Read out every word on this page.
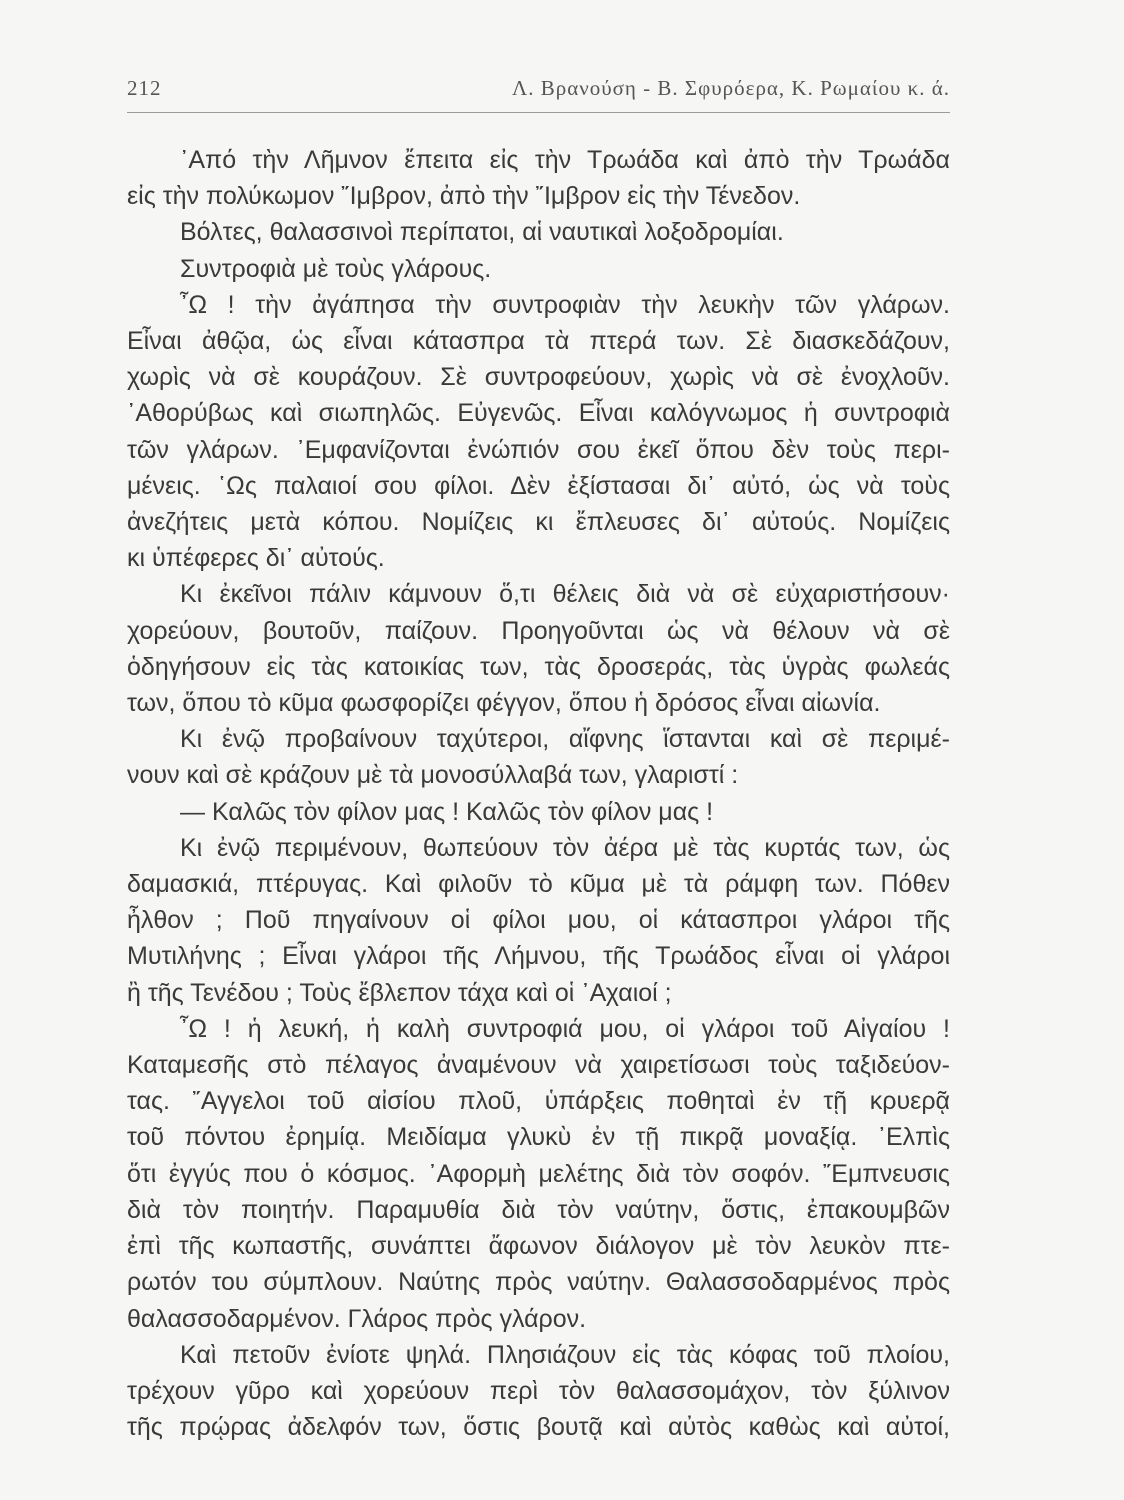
212	Λ. Βρανούση - Β. Σφυρόερα, Κ. Ρωμαίου κ. ά.
᾿Από τὴν Λῆμνον ἔπειτα εἰς τὴν Τρωάδα καὶ ἀπὸ τὴν Τρωάδα
εἰς τὴν πολύκωμον ῎Ιμβρον, ἀπὸ τὴν ῎Ιμβρον εἰς τὴν Τένεδον.
Βόλτες, θαλασσινοὶ περίπατοι, αἱ ναυτικαὶ λοξοδρομίαι.
Συντροφιὰ μὲ τοὺς γλάρους.
῏Ω ! τὴν ἀγάπησα τὴν συντροφιὰν τὴν λευκὴν τῶν γλάρων.
Εἶναι ἀθῷα, ὡς εἶναι κάτασπρα τὰ πτερά των. Σὲ διασκεδάζουν,
χωρὶς νὰ σὲ κουράζουν. Σὲ συντροφεύουν, χωρὶς νὰ σὲ ἐνοχλοῦν.
᾿Αθορύβως καὶ σιωπηλῶς. Εὐγενῶς. Εἶναι καλόγνωμος ἡ συντροφιὰ
τῶν γλάρων. ᾿Εμφανίζονται ἐνώπιόν σου ἐκεῖ ὅπου δὲν τοὺς περι-
μένεις. ῾Ως παλαιοί σου φίλοι. Δὲν ἐξίστασαι δι᾿ αὐτό, ὡς νὰ τοὺς
ἀνεζήτεις μετὰ κόπου. Νομίζεις κι ἔπλευσες δι᾿ αὐτούς. Νομίζεις
κι ὑπέφερες δι᾿ αὐτούς.
Κι ἐκεῖνοι πάλιν κάμνουν ὅ,τι θέλεις διὰ νὰ σὲ εὐχαριστήσουν·
χορεύουν, βουτοῦν, παίζουν. Προηγοῦνται ὡς νὰ θέλουν νὰ σὲ
ὁδηγήσουν εἰς τὰς κατοικίας των, τὰς δροσεράς, τὰς ὑγρὰς φωλεάς
των, ὅπου τὸ κῦμα φωσφορίζει φέγγον, ὅπου ἡ δρόσος εἶναι αἰωνία.
Κι ἐνῷ προβαίνουν ταχύτεροι, αἴφνης ἵστανται καὶ σὲ περιμέ-
νουν καὶ σὲ κράζουν μὲ τὰ μονοσύλλαβά των, γλαριστί :
— Καλῶς τὸν φίλον μας ! Καλῶς τὸν φίλον μας !
Κι ἐνῷ περιμένουν, θωπεύουν τὸν ἀέρα μὲ τὰς κυρτάς των, ὡς
δαμασκιά, πτέρυγας. Καὶ φιλοῦν τὸ κῦμα μὲ τὰ ράμφη των. Πόθεν
ἦλθον ; Ποῦ πηγαίνουν οἱ φίλοι μου, οἱ κάτασπροι γλάροι τῆς
Μυτιλήνης ; Εἶναι γλάροι τῆς Λήμνου, τῆς Τρωάδος εἶναι οἱ γλάροι
ἢ τῆς Τενέδου ; Τοὺς ἔβλεπον τάχα καὶ οἱ ᾿Αχαιοί ;
῏Ω ! ἡ λευκή, ἡ καλὴ συντροφιά μου, οἱ γλάροι τοῦ Αἰγαίου !
Καταμεσῆς στὸ πέλαγος ἀναμένουν νὰ χαιρετίσωσι τοὺς ταξιδεύον-
τας. ῎Αγγελοι τοῦ αἰσίου πλοῦ, ὑπάρξεις ποθηταὶ ἐν τῇ κρυερᾷ
τοῦ πόντου ἐρημίᾳ. Μειδίαμα γλυκὺ ἐν τῇ πικρᾷ μοναξίᾳ. ᾿Ελπὶς
ὅτι ἐγγύς που ὁ κόσμος. ᾿Αφορμὴ μελέτης διὰ τὸν σοφόν. ῎Εμπνευσις
διὰ τὸν ποιητήν. Παραμυθία διὰ τὸν ναύτην, ὅστις, ἐπακουμβῶν
ἐπὶ τῆς κωπαστῆς, συνάπτει ἄφωνον διάλογον μὲ τὸν λευκὸν πτε-
ρωτόν του σύμπλουν. Ναύτης πρὸς ναύτην. Θαλασσοδαρμένος πρὸς
θαλασσοδαρμένον. Γλάρος πρὸς γλάρον.
Καὶ πετοῦν ἐνίοτε ψηλά. Πλησιάζουν εἰς τὰς κόφας τοῦ πλοίου,
τρέχουν γῦρο καὶ χορεύουν περὶ τὸν θαλασσομάχον, τὸν ξύλινον
τῆς πρῴρας ἀδελφόν των, ὅστις βουτᾷ καὶ αὐτὸς καθὼς καὶ αὐτοί,
